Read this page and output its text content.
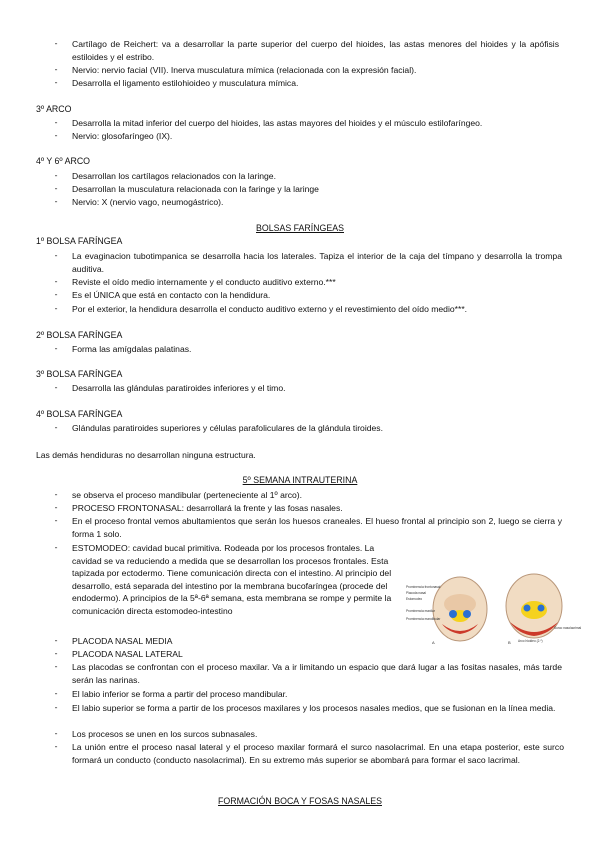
- Cartílago de Reichert: va a desarrollar la parte superior del cuerpo del hioides, las astas menores del hioides y la apófisis estiloides y el estribo.
- Nervio: nervio facial (VII). Inerva musculatura mímica (relacionada con la expresión facial).
- Desarrolla el ligamento estilohioideo y musculatura mímica.
3º ARCO
- Desarrolla la mitad inferior del cuerpo del hioides, las astas mayores del hioides y el músculo estilofaríngeo.
- Nervio: glosofaríngeo (IX).
4º Y 6º ARCO
- Desarrollan los cartílagos relacionados con la laringe.
- Desarrollan la musculatura relacionada con la faringe y la laringe
- Nervio: X (nervio vago, neumogástrico).
BOLSAS FARÍNGEAS
1º BOLSA FARÍNGEA
- La evaginacion tubotimpanica se desarrolla hacia los laterales. Tapiza el interior de la caja del tímpano y desarrolla la trompa auditiva.
- Reviste el oído medio internamente y el conducto auditivo externo.***
- Es el ÚNICA que está en contacto con la hendidura.
- Por el exterior, la hendidura desarrolla el conducto auditivo externo y el revestimiento del oído medio***.
2º BOLSA FARÍNGEA
- Forma las amígdalas palatinas.
3º BOLSA FARÍNGEA
- Desarrolla las glándulas paratiroides inferiores y el timo.
4º BOLSA FARÍNGEA
- Glándulas paratiroides superiores y células parafoliculares de la glándula tiroides.
Las demás hendiduras no desarrollan ninguna estructura.
5º SEMANA INTRAUTERINA
- se observa el proceso mandibular (perteneciente al 1º arco).
- PROCESO FRONTONASAL: desarrollará la frente y las fosas nasales.
- En el proceso frontal vemos abultamientos que serán los huesos craneales. El hueso frontal al principio son 2, luego se cierra y forma 1 solo.
- ESTOMODEO: cavidad bucal primitiva. Rodeada por los procesos frontales. La cavidad se va reduciendo a medida que se desarrollan los procesos frontales. Esta tapizada por ectodermo. Tiene comunicación directa con el intestino. Al principio del desarrollo, está separada del intestino por la membrana bucofaríngea (procede del endodermo). A principios de la 5ª-6ª semana, esta membrana se rompe y permite la comunicación directa estomodeo-intestino
- PLACODA NASAL MEDIA
- PLACODA NASAL LATERAL
- Las placodas se confrontan con el proceso maxilar. Va a ir limitando un espacio que dará lugar a las fositas nasales, más tarde serán las narinas.
- El labio inferior se forma a partir del proceso mandibular.
- El labio superior se forma a partir de los procesos maxilares y los procesos nasales medios, que se fusionan en la línea media.
- Los procesos se unen en los surcos subnasales.
- La unión entre el proceso nasal lateral y el proceso maxilar formará el surco nasolacrimal. En una etapa posterior, este surco formará un conducto (conducto nasolacrimal). En su extremo más superior se abombará para formar el saco lacrimal.
FORMACIÓN BOCA Y FOSAS NASALES
Prominencia frontonasal
Placoda nasal
Estomodeo
Prominencia maxilar
Prominencia mandibular
A	B
Surco nasolacrimal
Arco hioideo (2.º)
